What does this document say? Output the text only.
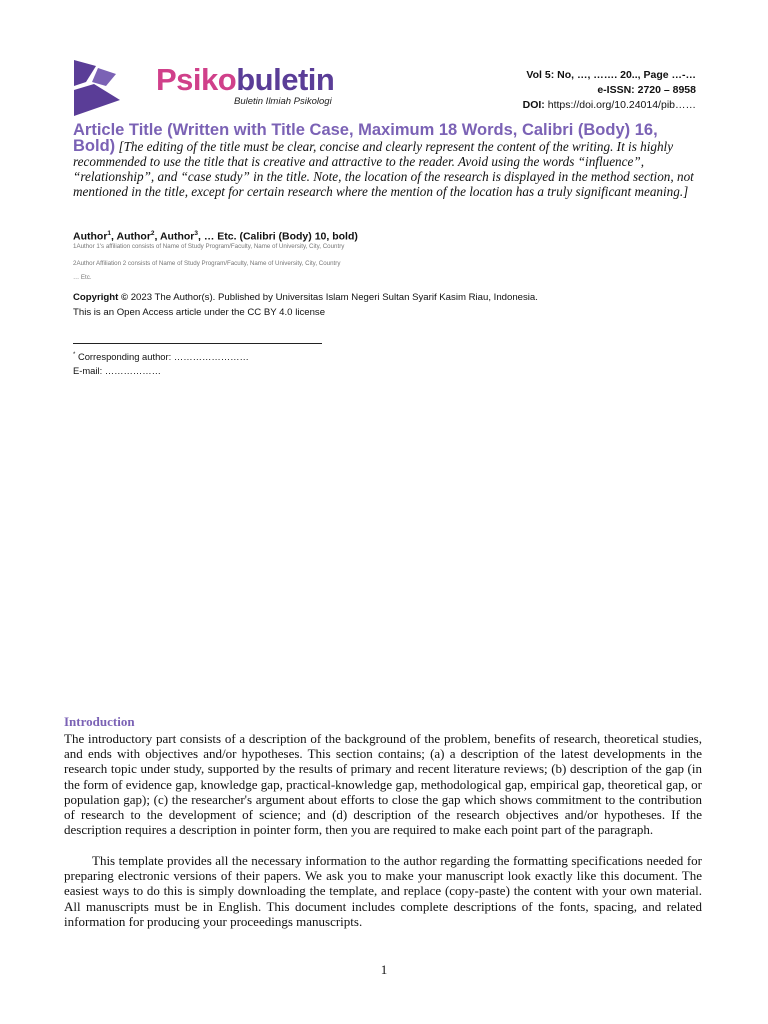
Psikobuletin
Buletin Ilmiah Psikologi
Vol 5: No, …, ……. 20.., Page …-…
e-ISSN: 2720 – 8958
DOI: https://doi.org/10.24014/pib……
Article Title (Written with Title Case, Maximum 18 Words, Calibri (Body) 16, Bold) [The editing of the title must be clear, concise and clearly represent the content of the writing. It is highly recommended to use the title that is creative and attractive to the reader. Avoid using the words “influence”, “relationship”, and “case study” in the title. Note, the location of the research is displayed in the method section, not mentioned in the title, except for certain research where the mention of the location has a truly significant meaning.]
Author$^1$, Author$^2$, Author$^3$, … Etc. (Calibri (Body) 10, bold)
1Author 1's affiliation consists of Name of Study Program/Faculty, Name of University, City, Country
2Author Affiliation 2 consists of Name of Study Program/Faculty, Name of University, City, Country
… Etc.
Copyright © 2023 The Author(s). Published by Universitas Islam Negeri Sultan Syarif Kasim Riau, Indonesia.
This is an Open Access article under the CC BY 4.0 license
* Corresponding author: ……………………
E-mail: ………………
Introduction
The introductory part consists of a description of the background of the problem, benefits of research, theoretical studies, and ends with objectives and/or hypotheses. This section contains; (a) a description of the latest developments in the research topic under study, supported by the results of primary and recent literature reviews; (b) description of the gap (in the form of evidence gap, knowledge gap, practical-knowledge gap, methodological gap, empirical gap, theoretical gap, or population gap); (c) the researcher's argument about efforts to close the gap which shows commitment to the contribution of research to the development of science; and (d) description of the research objectives and/or hypotheses. If the description requires a description in pointer form, then you are required to make each point part of the paragraph.
This template provides all the necessary information to the author regarding the formatting specifications needed for preparing electronic versions of their papers. We ask you to make your manuscript look exactly like this document. The easiest ways to do this is simply downloading the template, and replace (copy-paste) the content with your own material. All manuscripts must be in English. This document includes complete descriptions of the fonts, spacing, and related information for producing your proceedings manuscripts.
1
